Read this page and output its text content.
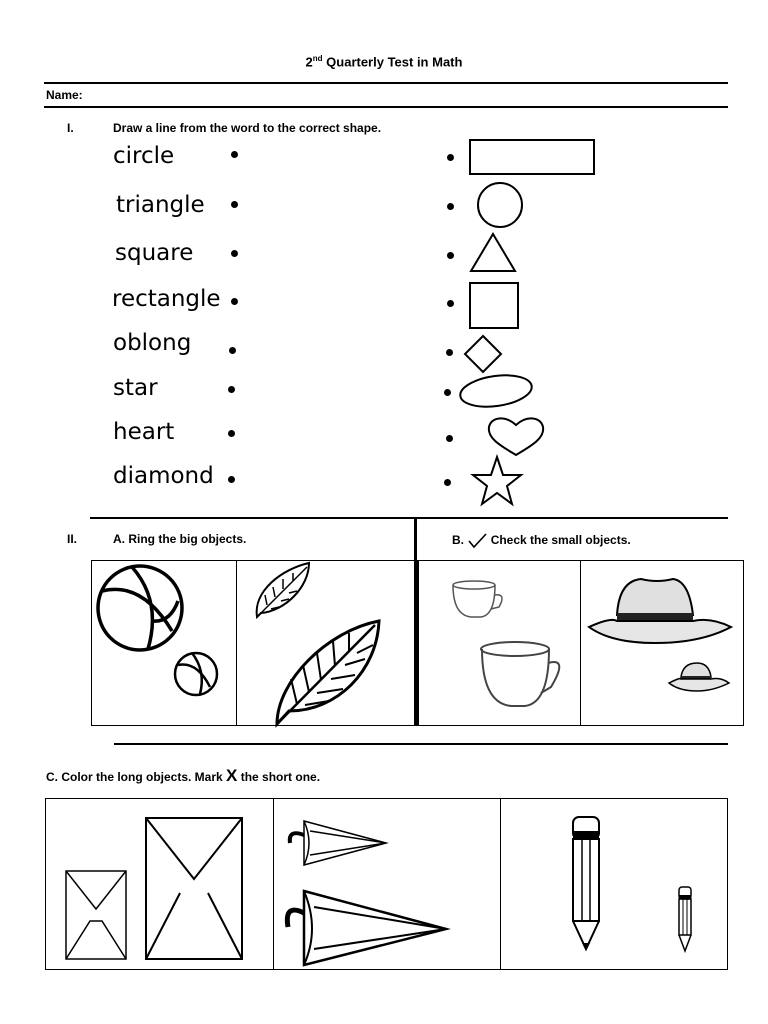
2nd Quarterly Test in Math
Name:
I.	Draw a line from the word to the correct shape.
circle
triangle
square
rectangle
oblong
star
heart
diamond
II.	A. Ring the big objects.	B. Check the small objects.
C. Color the long objects. Mark X the short one.
